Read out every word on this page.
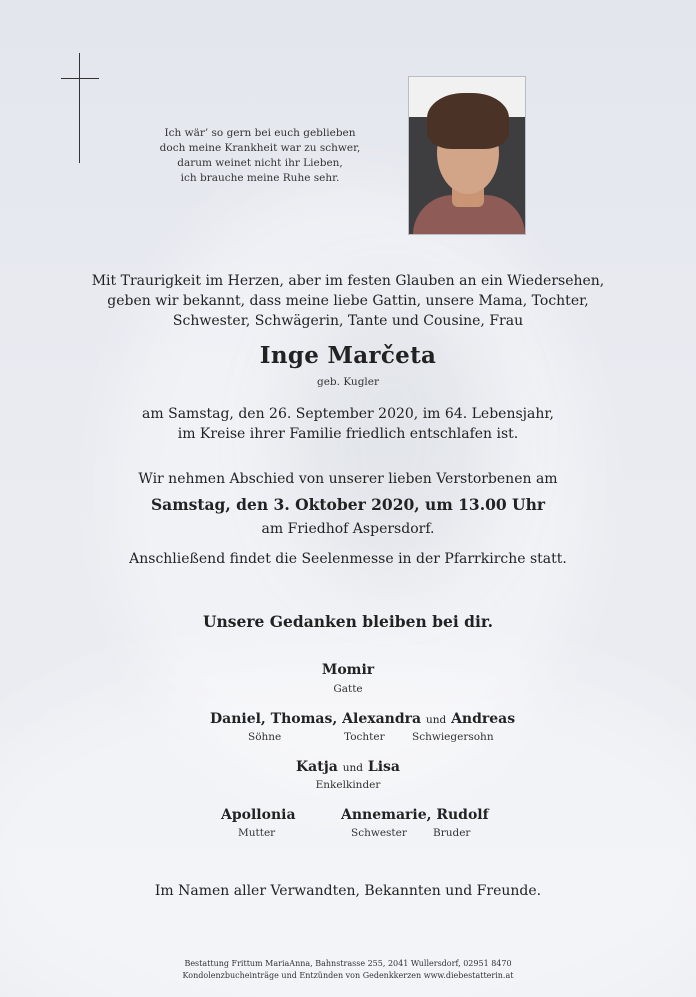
Ich wär’ so gern bei euch geblieben
doch meine Krankheit war zu schwer,
darum weinet nicht ihr Lieben,
ich brauche meine Ruhe sehr.
Mit Traurigkeit im Herzen, aber im festen Glauben an ein Wiedersehen,
geben wir bekannt, dass meine liebe Gattin, unsere Mama, Tochter,
Schwester, Schwägerin, Tante und Cousine, Frau
Inge Marčeta
geb. Kugler
am Samstag, den 26. September 2020, im 64. Lebensjahr,
im Kreise ihrer Familie friedlich entschlafen ist.
Wir nehmen Abschied von unserer lieben Verstorbenen am
Samstag, den 3. Oktober 2020, um 13.00 Uhr
am Friedhof Aspersdorf.
Anschließend findet die Seelenmesse in der Pfarrkirche statt.
Unsere Gedanken bleiben bei dir.
Momir
Gatte
Daniel, Thomas, Alexandra und Andreas
Söhne	Tochter	Schwiegersohn
Katja und Lisa
Enkelkinder
Apollonia
Mutter
Annemarie, Rudolf
Schwester Bruder
Im Namen aller Verwandten, Bekannten und Freunde.
Bestattung Frittum MariaAnna, Bahnstrasse 255, 2041 Wullersdorf, 02951 8470
Kondolenzbucheinträge und Entzünden von Gedenkkerzen www.diebestatterin.at
